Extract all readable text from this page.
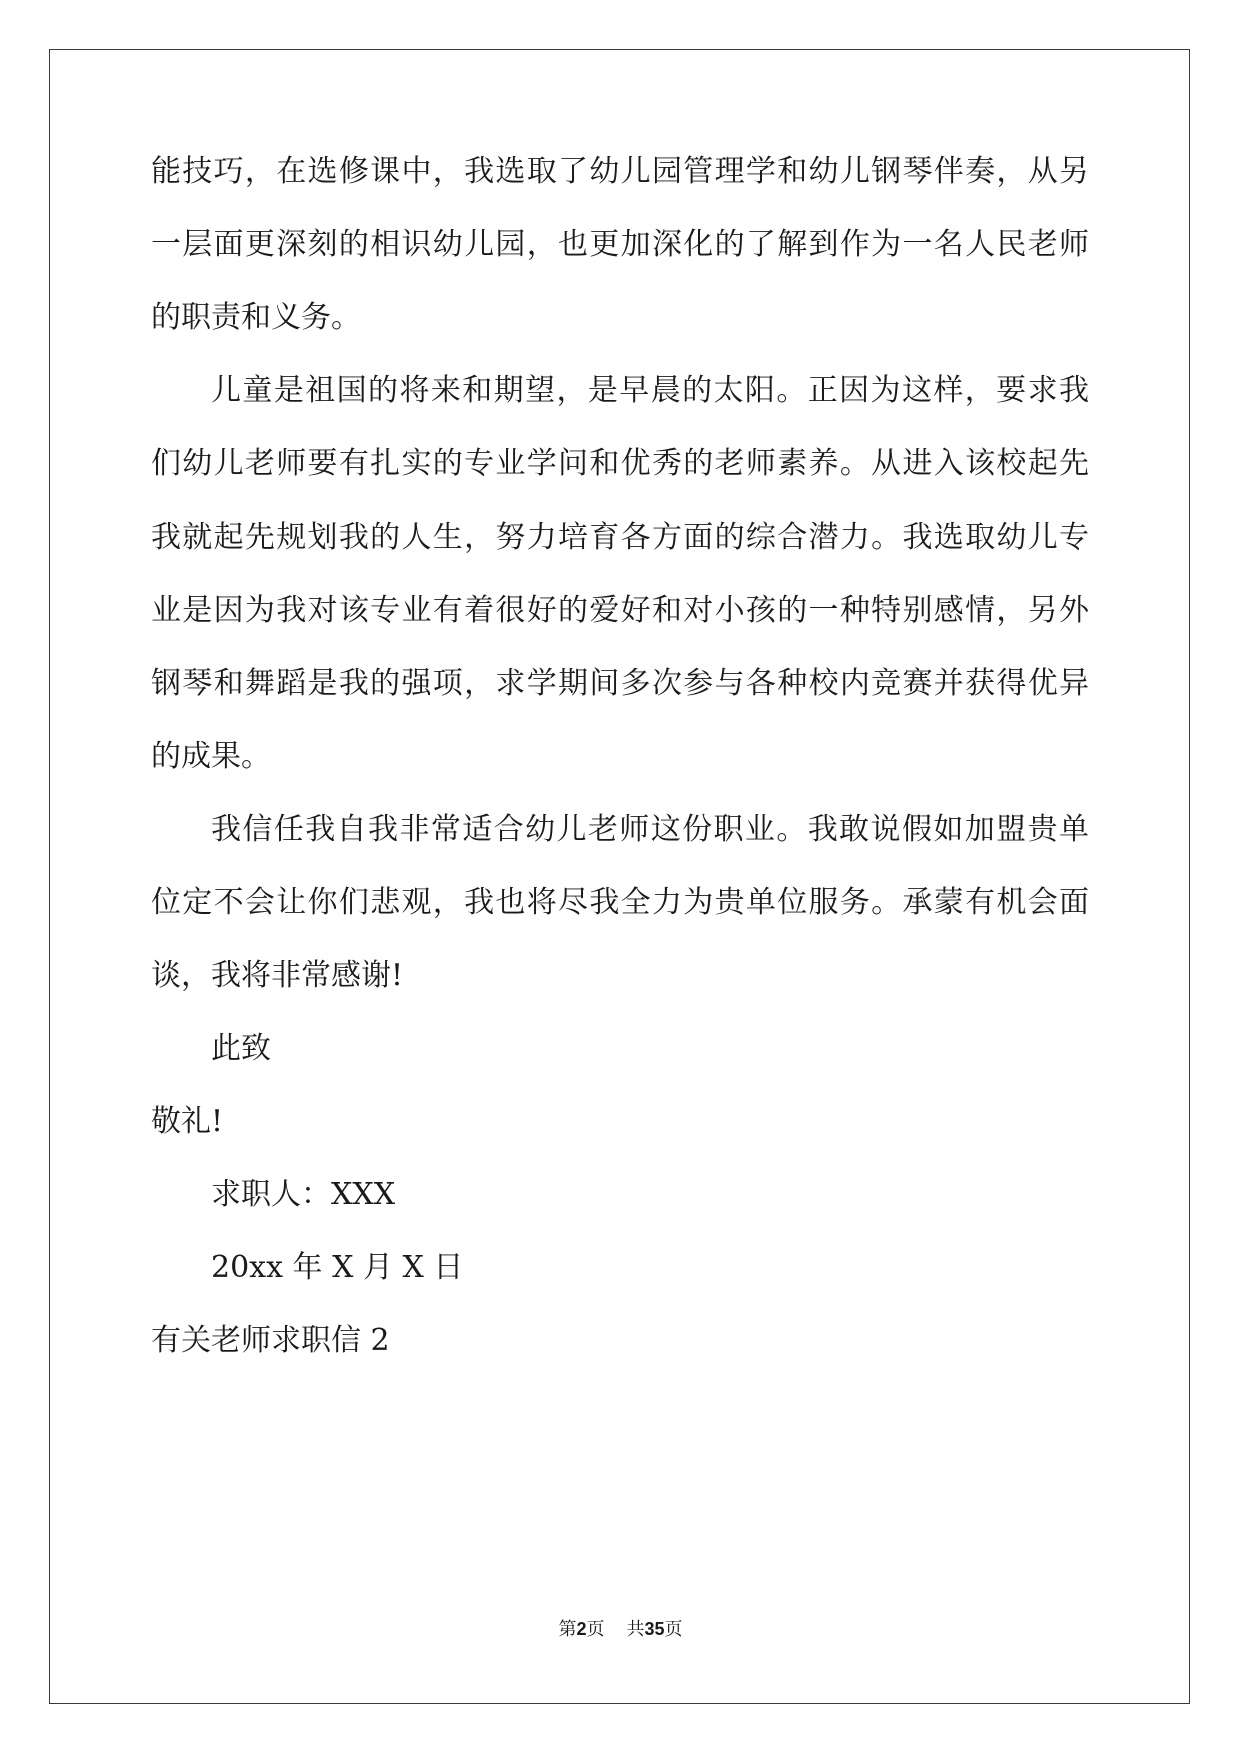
能技巧，在选修课中，我选取了幼儿园管理学和幼儿钢琴伴奏，从另
一层面更深刻的相识幼儿园，也更加深化的了解到作为一名人民老师
的职责和义务。
儿童是祖国的将来和期望，是早晨的太阳。正因为这样，要求我
们幼儿老师要有扎实的专业学问和优秀的老师素养。从进入该校起先
我就起先规划我的人生，努力培育各方面的综合潜力。我选取幼儿专
业是因为我对该专业有着很好的爱好和对小孩的一种特别感情，另外
钢琴和舞蹈是我的强项，求学期间多次参与各种校内竞赛并获得优异
的成果。
我信任我自我非常适合幼儿老师这份职业。我敢说假如加盟贵单
位定不会让你们悲观，我也将尽我全力为贵单位服务。承蒙有机会面
谈，我将非常感谢!
此致
敬礼!
求职人：XXX
20xx 年 X 月 X 日
有关老师求职信 2
第2页 共35页
